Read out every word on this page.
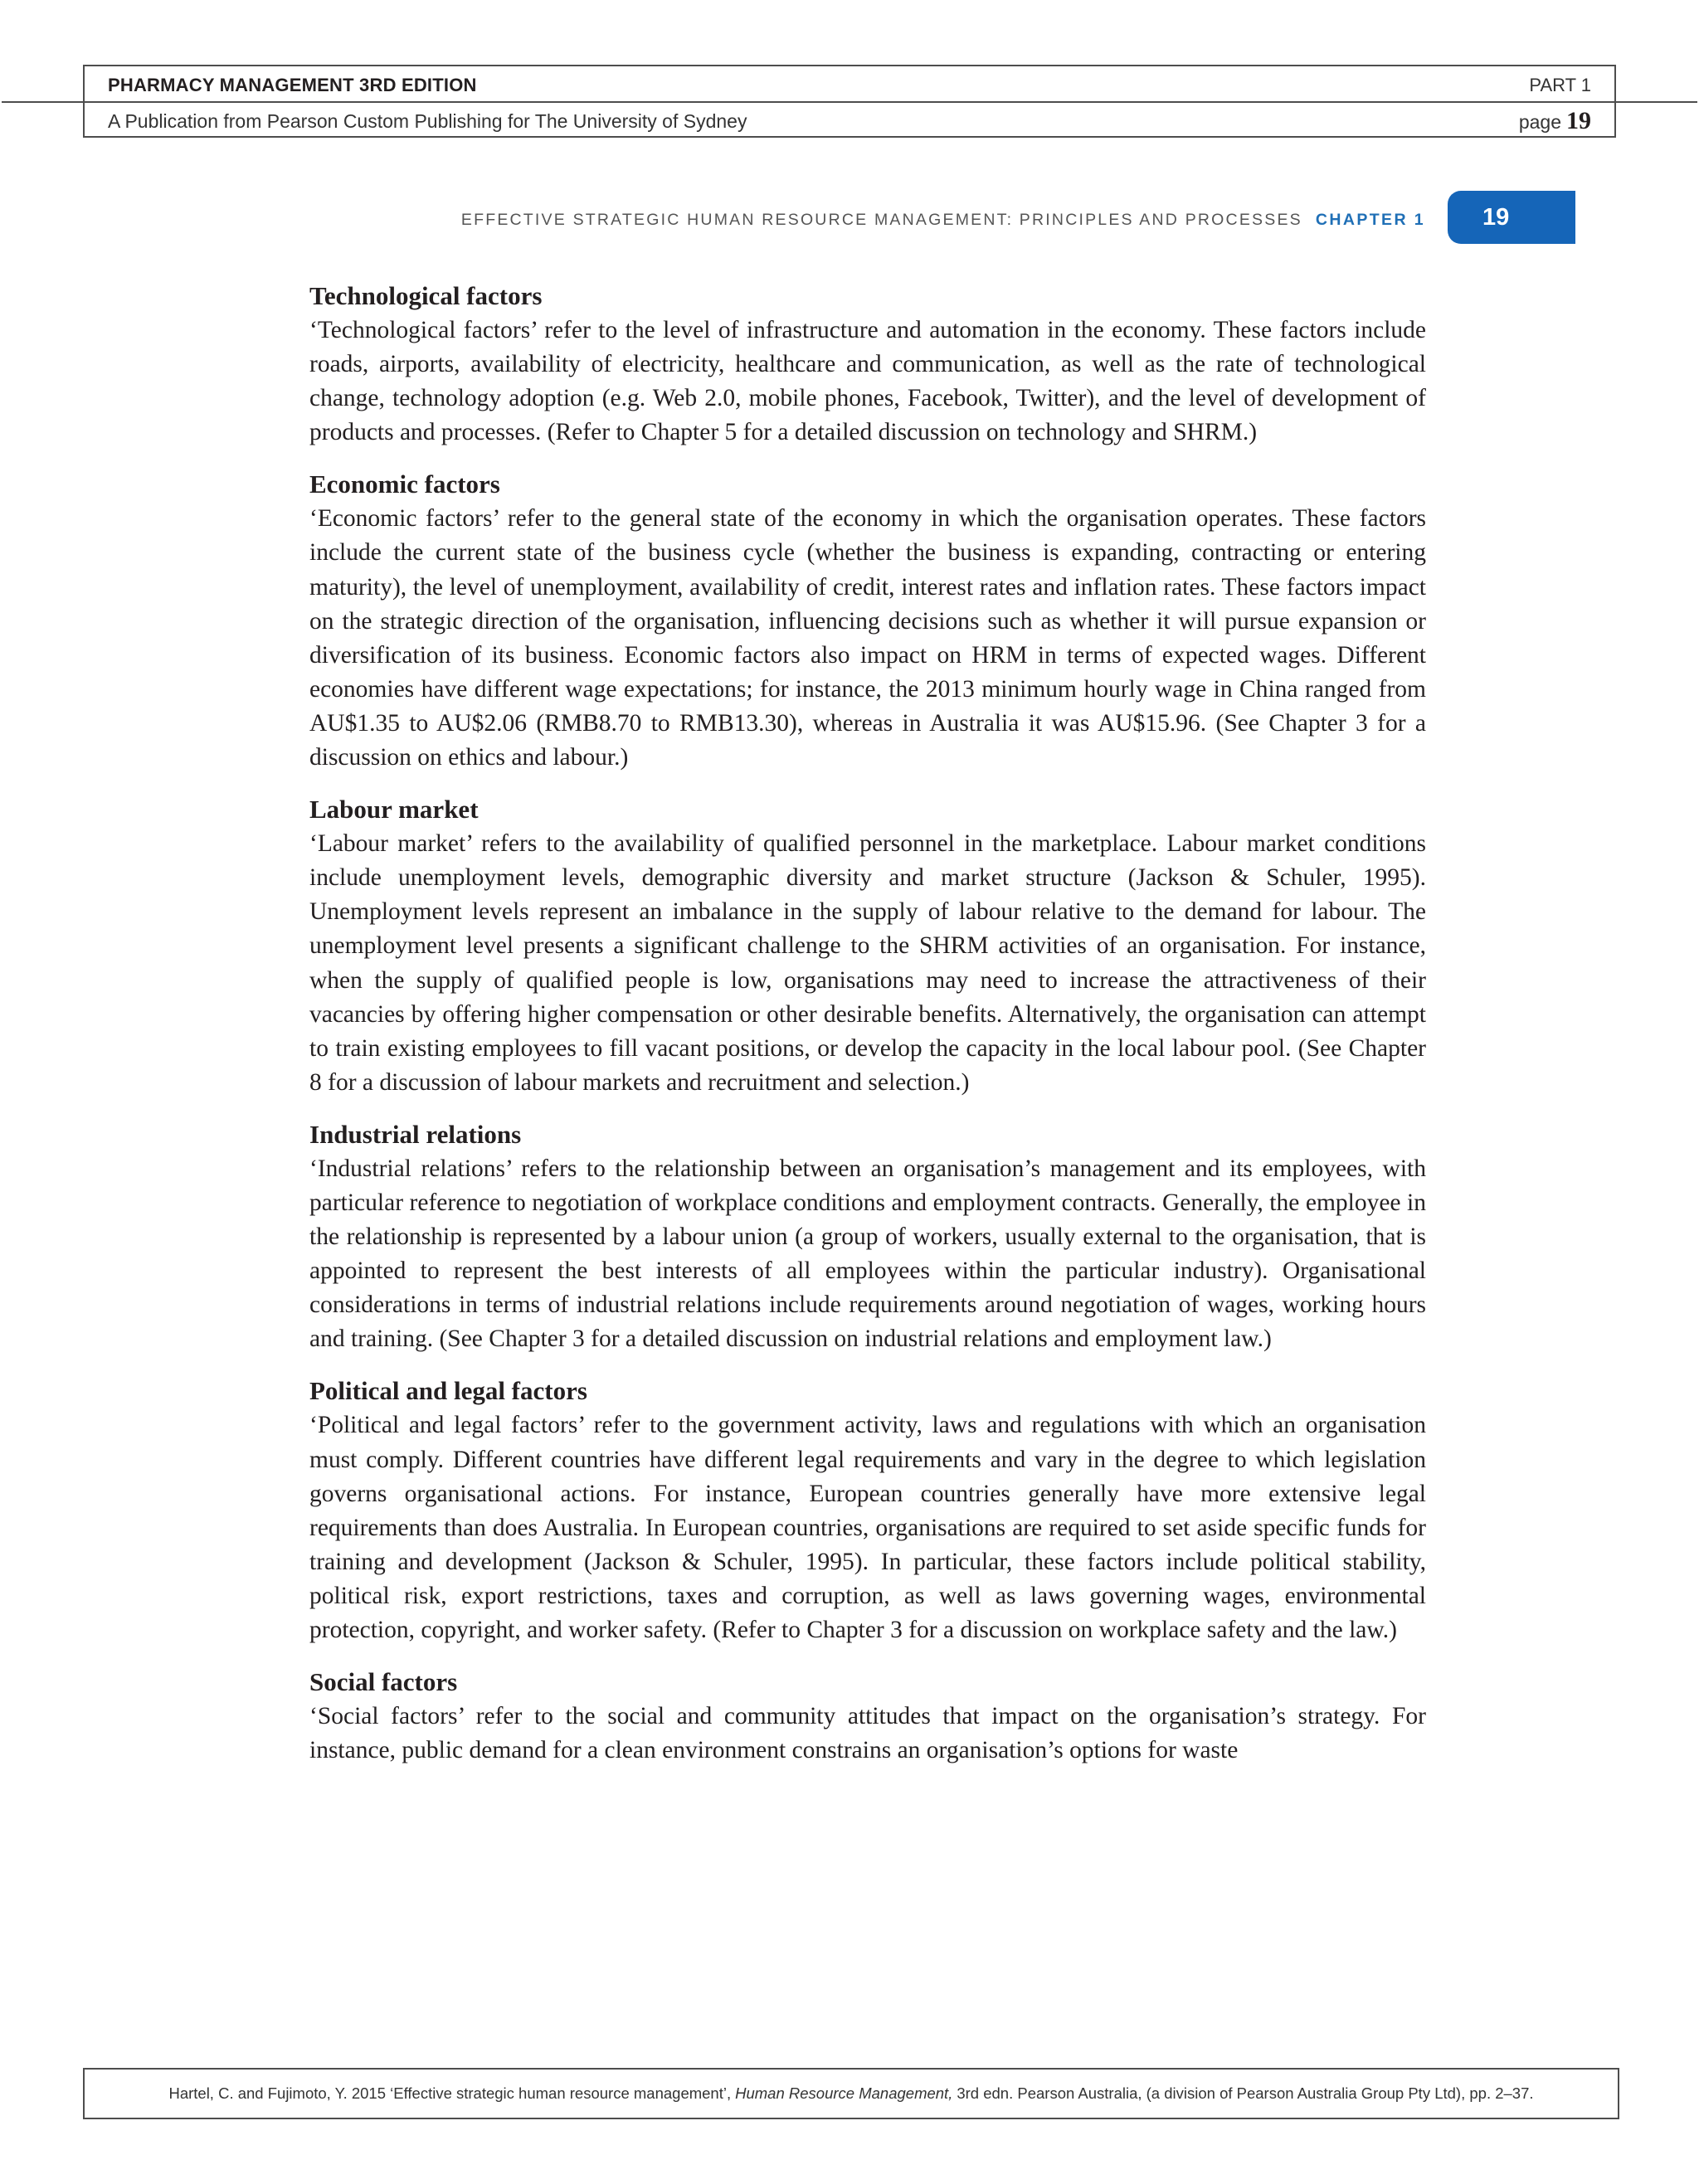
PHARMACY MANAGEMENT 3RD EDITION	PART 1
A Publication from Pearson Custom Publishing for The University of Sydney	page 19
EFFECTIVE STRATEGIC HUMAN RESOURCE MANAGEMENT: PRINCIPLES AND PROCESSES CHAPTER 1	19
Technological factors

‘Technological factors’ refer to the level of infrastructure and automation in the economy. These factors include roads, airports, availability of electricity, healthcare and communication, as well as the rate of technological change, technology adoption (e.g. Web 2.0, mobile phones, Facebook, Twitter), and the level of development of products and processes. (Refer to Chapter 5 for a detailed discussion on technology and SHRM.)

Economic factors

‘Economic factors’ refer to the general state of the economy in which the organisation operates. These factors include the current state of the business cycle (whether the business is expanding, contracting or entering maturity), the level of unemployment, availability of credit, interest rates and inflation rates. These factors impact on the strategic direction of the organisation, influencing decisions such as whether it will pursue expansion or diversification of its business. Economic factors also impact on HRM in terms of expected wages. Different economies have different wage expectations; for instance, the 2013 minimum hourly wage in China ranged from AU$1.35 to AU$2.06 (RMB8.70 to RMB13.30), whereas in Australia it was AU$15.96. (See Chapter 3 for a discussion on ethics and labour.)

Labour market

‘Labour market’ refers to the availability of qualified personnel in the marketplace. Labour market conditions include unemployment levels, demographic diversity and market structure (Jackson & Schuler, 1995). Unemployment levels represent an imbalance in the supply of labour relative to the demand for labour. The unemployment level presents a significant challenge to the SHRM activities of an organisation. For instance, when the supply of qualified people is low, organisations may need to increase the attractiveness of their vacancies by offering higher compensation or other desirable benefits. Alternatively, the organisation can attempt to train existing employees to fill vacant positions, or develop the capacity in the local labour pool. (See Chapter 8 for a discussion of labour markets and recruitment and selection.)

Industrial relations

‘Industrial relations’ refers to the relationship between an organisation’s management and its employees, with particular reference to negotiation of workplace conditions and employment contracts. Generally, the employee in the relationship is represented by a labour union (a group of workers, usually external to the organisation, that is appointed to represent the best interests of all employees within the particular industry). Organisational considerations in terms of industrial relations include requirements around negotiation of wages, working hours and training. (See Chapter 3 for a detailed discussion on industrial relations and employment law.)

Political and legal factors

‘Political and legal factors’ refer to the government activity, laws and regulations with which an organisation must comply. Different countries have different legal requirements and vary in the degree to which legislation governs organisational actions. For instance, European countries generally have more extensive legal requirements than does Australia. In European countries, organisations are required to set aside specific funds for training and development (Jackson & Schuler, 1995). In particular, these factors include political stability, political risk, export restrictions, taxes and corruption, as well as laws governing wages, environmental protection, copyright, and worker safety. (Refer to Chapter 3 for a discussion on workplace safety and the law.)

Social factors

‘Social factors’ refer to the social and community attitudes that impact on the organisation’s strategy. For instance, public demand for a clean environment constrains an organisation’s options for waste

Hartel, C. and Fujimoto, Y. 2015 ‘Effective strategic human resource management’, Human Resource Management, 3rd edn. Pearson Australia, (a division of Pearson Australia Group Pty Ltd), pp. 2–37.
